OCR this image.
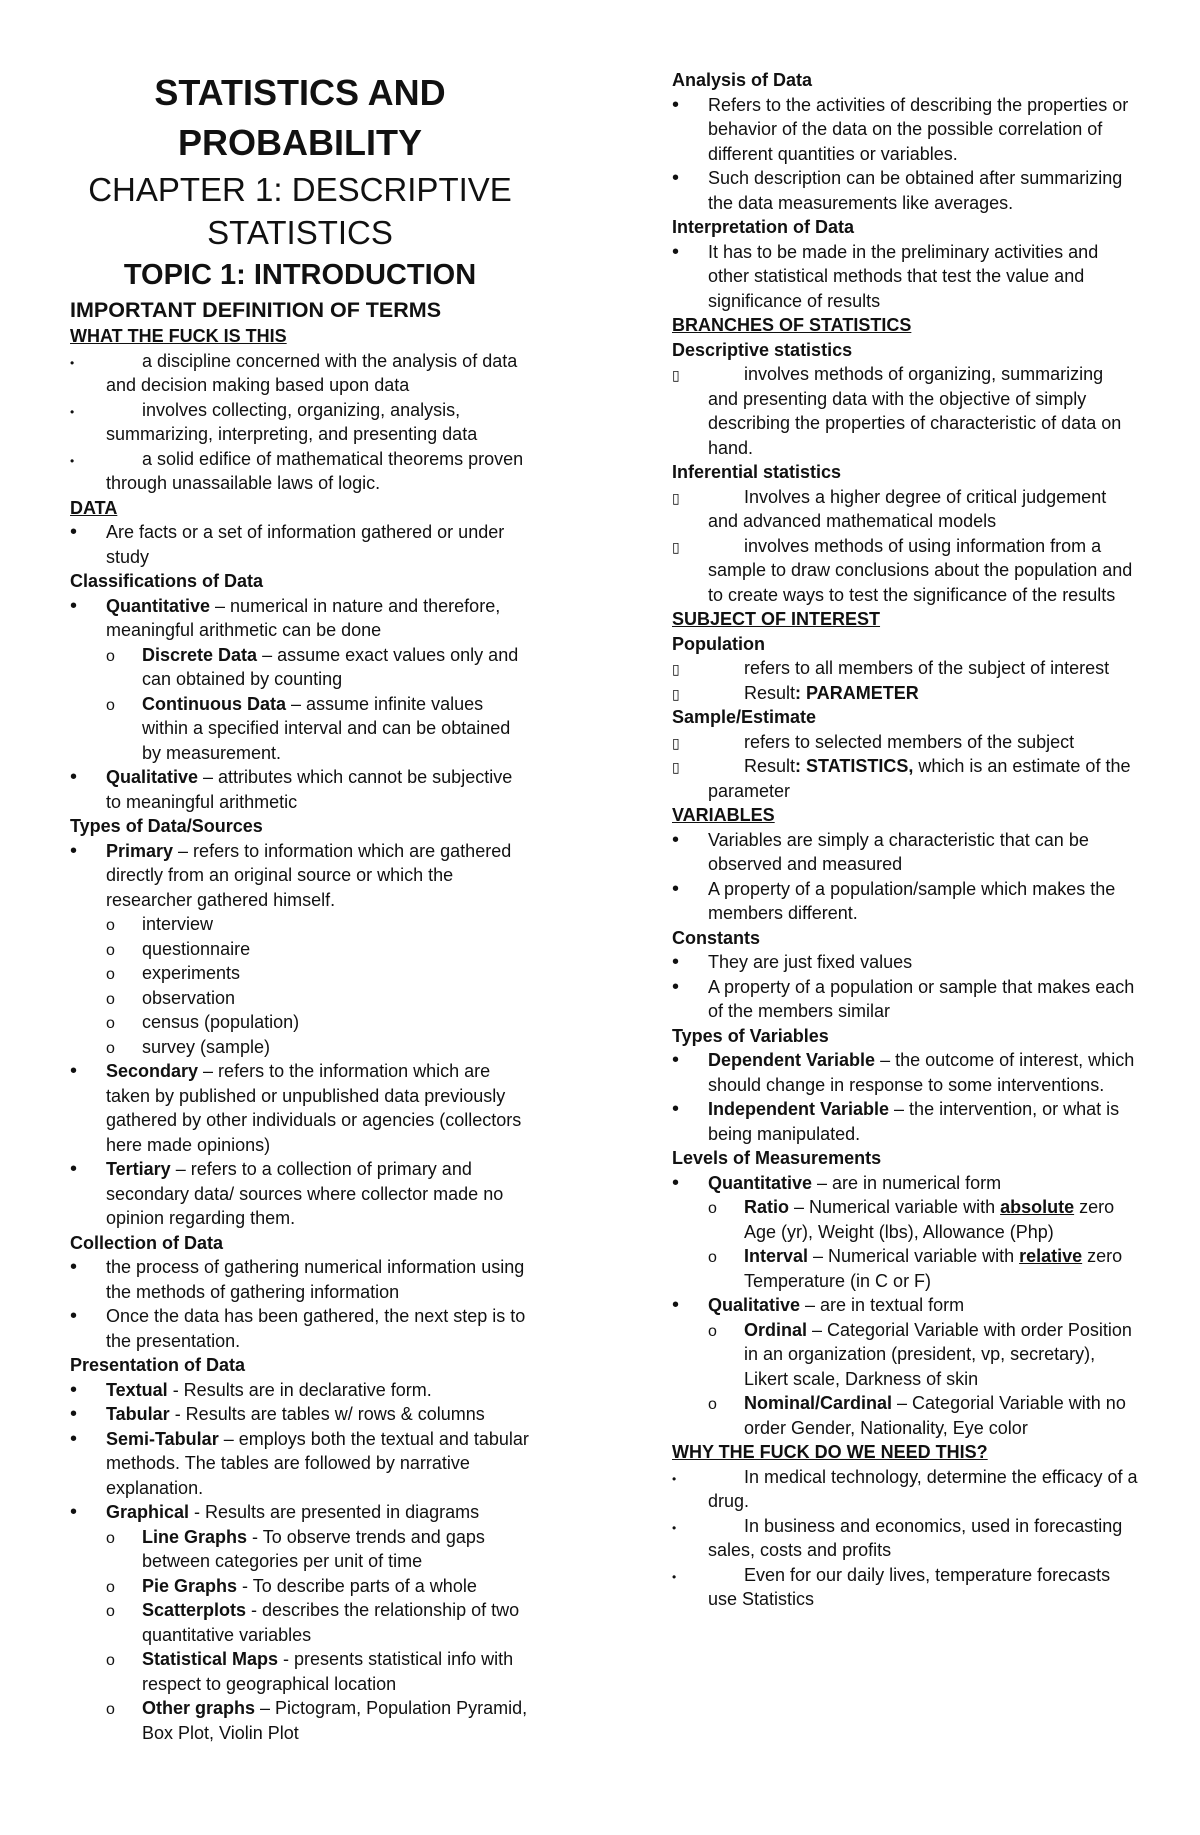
STATISTICS AND PROBABILITY

CHAPTER 1: DESCRIPTIVE STATISTICS

TOPIC 1: INTRODUCTION

IMPORTANT DEFINITION OF TERMS

WHAT THE FUCK IS THIS

•
a discipline concerned with the analysis of data and decision making based upon data

•
involves collecting, organizing, analysis, summarizing, interpreting, and presenting data

•
a solid edifice of mathematical theorems proven through unassailable laws of logic.

DATA

•
Are facts or a set of information gathered or under study

Classifications of Data

•
Quantitative – numerical in nature and therefore, meaningful arithmetic can be done

o
Discrete Data – assume exact values only and can obtained by counting

o
Continuous Data – assume infinite values within a specified interval and can be obtained by measurement.

•
Qualitative – attributes which cannot be subjective to meaningful arithmetic

Types of Data/Sources

•
Primary – refers to information which are gathered directly from an original source or which the researcher gathered himself.

o
interview

o
questionnaire

o
experiments

o
observation

o
census (population)

o
survey (sample)

•
Secondary – refers to the information which are taken by published or unpublished data previously gathered by other individuals or agencies (collectors here made opinions)

•
Tertiary – refers to a collection of primary and secondary data/ sources where collector made no opinion regarding them.

Collection of Data

•
the process of gathering numerical information using the methods of gathering information

•
Once the data has been gathered, the next step is to the presentation.

Presentation of Data

•
Textual - Results are in declarative form.

•
Tabular - Results are tables w/ rows & columns

•
Semi-Tabular – employs both the textual and tabular methods. The tables are followed by narrative explanation.

•
Graphical - Results are presented in diagrams

o
Line Graphs - To observe trends and gaps between categories per unit of time

o
Pie Graphs - To describe parts of a whole

o
Scatterplots - describes the relationship of two quantitative variables

o
Statistical Maps - presents statistical info with respect to geographical location

o
Other graphs – Pictogram, Population Pyramid, Box Plot, Violin Plot

Analysis of Data

•
Refers to the activities of describing the properties or behavior of the data on the possible correlation of different quantities or variables.

•
Such description can be obtained after summarizing the data measurements like averages.

Interpretation of Data

•
It has to be made in the preliminary activities and other statistical methods that test the value and significance of results

BRANCHES OF STATISTICS

Descriptive statistics

▯
involves methods of organizing, summarizing and presenting data with the objective of simply describing the properties of characteristic of data on hand.

Inferential statistics

▯
Involves a higher degree of critical judgement and advanced mathematical models

▯
involves methods of using information from a sample to draw conclusions about the population and to create ways to test the significance of the results

SUBJECT OF INTEREST

Population

▯
refers to all members of the subject of interest

▯
Result: PARAMETER

Sample/Estimate

▯
refers to selected members of the subject

▯
Result: STATISTICS, which is an estimate of the parameter

VARIABLES

•
Variables are simply a characteristic that can be observed and measured

•
A property of a population/sample which makes the members different.

Constants

•
They are just fixed values

•
A property of a population or sample that makes each of the members similar

Types of Variables

•
Dependent Variable – the outcome of interest, which should change in response to some interventions.

•
Independent Variable – the intervention, or what is being manipulated.

Levels of Measurements

•
Quantitative – are in numerical form

o
Ratio – Numerical variable with absolute zero Age (yr), Weight (lbs), Allowance (Php)

o
Interval – Numerical variable with relative zero Temperature (in C or F)

•
Qualitative – are in textual form

o
Ordinal – Categorial Variable with order Position in an organization (president, vp, secretary), Likert scale, Darkness of skin

o
Nominal/Cardinal – Categorial Variable with no order Gender, Nationality, Eye color

WHY THE FUCK DO WE NEED THIS?

•
In medical technology, determine the efficacy of a drug.

•
In business and economics, used in forecasting sales, costs and profits

•
Even for our daily lives, temperature forecasts use Statistics
